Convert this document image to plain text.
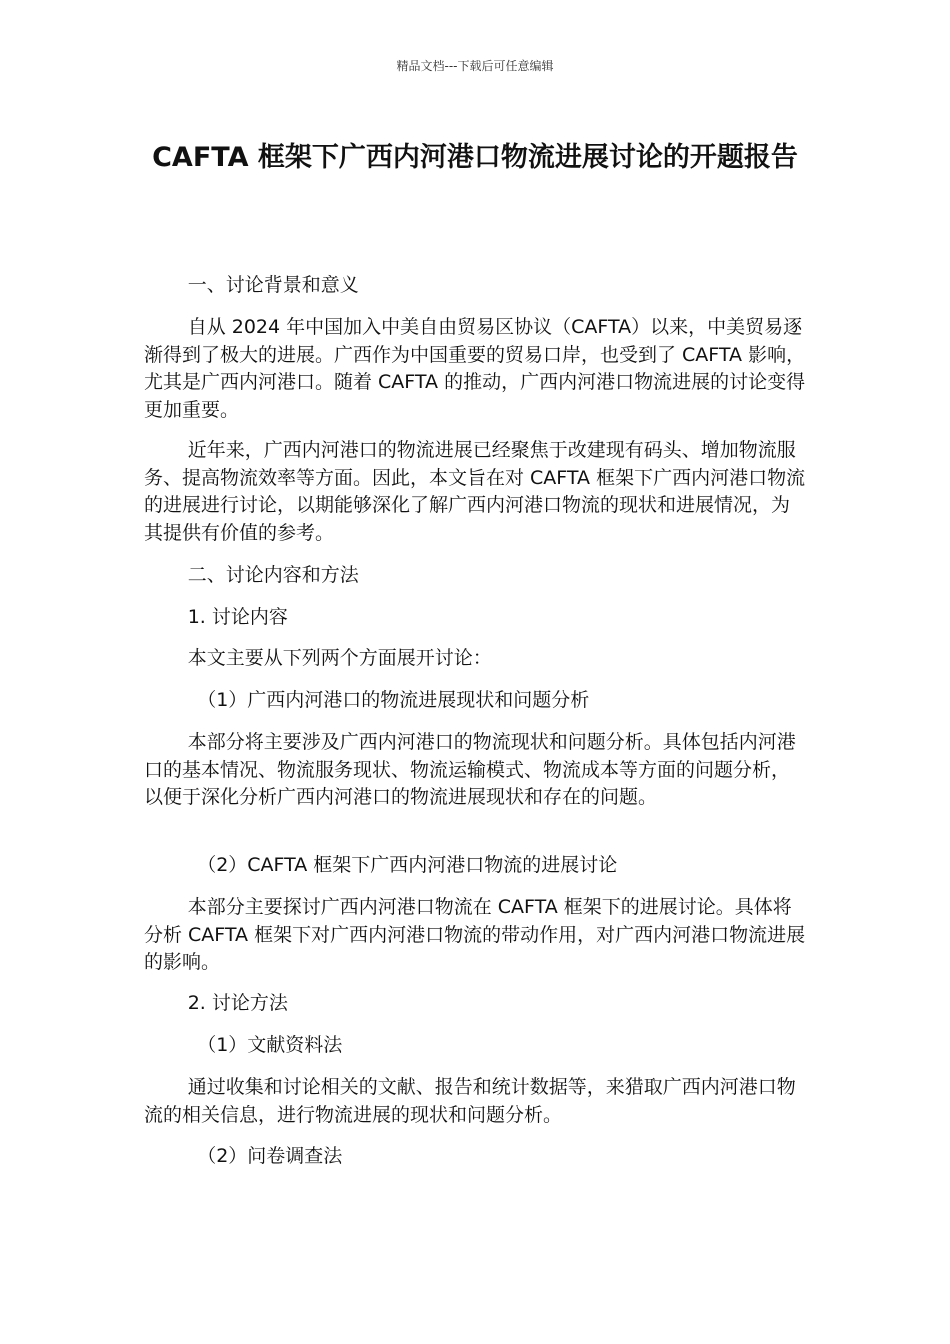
精品文档---下载后可任意编辑
CAFTA 框架下广西内河港口物流进展讨论的开题报告

一、讨论背景和意义

自从 2024 年中国加入中美自由贸易区协议（CAFTA）以来，中美贸易逐渐得到了极大的进展。广西作为中国重要的贸易口岸，也受到了 CAFTA 影响，尤其是广西内河港口。随着 CAFTA 的推动，广西内河港口物流进展的讨论变得更加重要。

近年来，广西内河港口的物流进展已经聚焦于改建现有码头、增加物流服务、提高物流效率等方面。因此，本文旨在对 CAFTA 框架下广西内河港口物流的进展进行讨论，以期能够深化了解广西内河港口物流的现状和进展情况，为其提供有价值的参考。

二、讨论内容和方法

1. 讨论内容

本文主要从下列两个方面展开讨论：

（1）广西内河港口的物流进展现状和问题分析

本部分将主要涉及广西内河港口的物流现状和问题分析。具体包括内河港口的基本情况、物流服务现状、物流运输模式、物流成本等方面的问题分析，以便于深化分析广西内河港口的物流进展现状和存在的问题。

（2）CAFTA 框架下广西内河港口物流的进展讨论

本部分主要探讨广西内河港口物流在 CAFTA 框架下的进展讨论。具体将分析 CAFTA 框架下对广西内河港口物流的带动作用，对广西内河港口物流进展的影响。

2. 讨论方法

（1）文献资料法

通过收集和讨论相关的文献、报告和统计数据等，来猎取广西内河港口物流的相关信息，进行物流进展的现状和问题分析。

（2）问卷调查法
